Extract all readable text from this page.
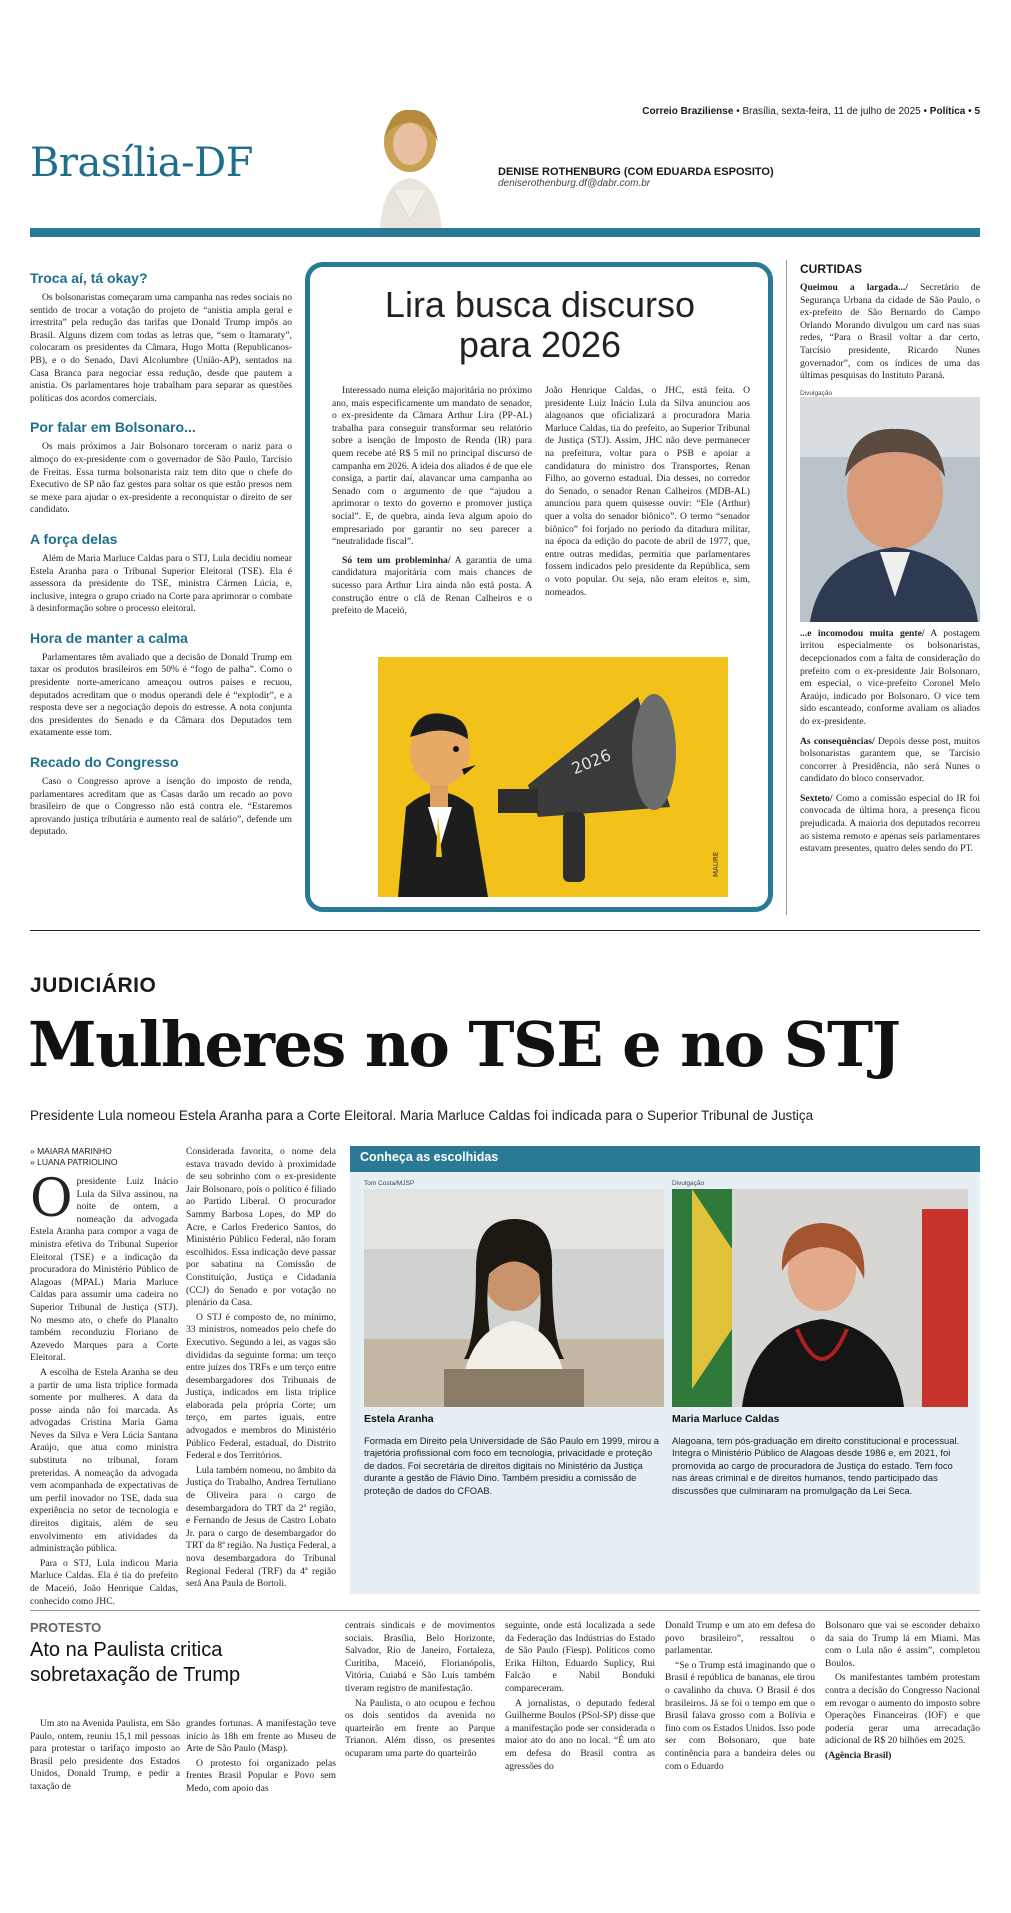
Brasília-DF
Correio Braziliense • Brasília, sexta-feira, 11 de julho de 2025 • Política • 5
DENISE ROTHENBURG (COM EDUARDA ESPOSITO)
deniserothenburg.df@dabr.com.br
Troca aí, tá okay?

Os bolsonaristas começaram uma campanha nas redes sociais no sentido de trocar a votação do projeto de “anistia ampla geral e irrestrita” pela redução das tarifas que Donald Trump impôs ao Brasil. Alguns dizem com todas as letras que, “sem o Itamaraty”, colocaram os presidentes da Câmara, Hugo Motta (Republicanos-PB), e o do Senado, Davi Alcolumbre (União-AP), sentados na Casa Branca para negociar essa redução, desde que pautem a anistia. Os parlamentares hoje trabalham para separar as questões políticas dos acordos comerciais.

Por falar em Bolsonaro...

Os mais próximos a Jair Bolsonaro torceram o nariz para o almoço do ex-presidente com o governador de São Paulo, Tarcísio de Freitas. Essa turma bolsonarista raiz tem dito que o chefe do Executivo de SP não faz gestos para soltar os que estão presos nem se mexe para ajudar o ex-presidente a reconquistar o direito de ser candidato.

A força delas

Além de Maria Marluce Caldas para o STJ, Lula decidiu nomear Estela Aranha para o Tribunal Superior Eleitoral (TSE). Ela é assessora da presidente do TSE, ministra Cármen Lúcia, e, inclusive, integra o grupo criado na Corte para aprimorar o combate à desinformação sobre o processo eleitoral.

Hora de manter a calma

Parlamentares têm avaliado que a decisão de Donald Trump em taxar os produtos brasileiros em 50% é “fogo de palha”. Como o presidente norte-americano ameaçou outros países e recuou, deputados acreditam que o modus operandi dele é “explodir”, e a resposta deve ser a negociação depois do estresse. A nota conjunta dos presidentes do Senado e da Câmara dos Deputados tem exatamente esse tom.

Recado do Congresso

Caso o Congresso aprove a isenção do imposto de renda, parlamentares acreditam que as Casas darão um recado ao povo brasileiro de que o Congresso não está contra ele. “Estaremos aprovando justiça tributária e aumento real de salário”, defende um deputado.

Lira busca discurso para 2026

Interessado numa eleição majoritária no próximo ano, mais especificamente um mandato de senador, o ex-presidente da Câmara Arthur Lira (PP-AL) trabalha para conseguir transformar seu relatório sobre a isenção de Imposto de Renda (IR) para quem recebe até R$ 5 mil no principal discurso de campanha em 2026. A ideia dos aliados é de que ele consiga, a partir daí, alavancar uma campanha ao Senado com o argumento de que “ajudou a aprimorar o texto do governo e promover justiça social”. E, de quebra, ainda leva algum apoio do empresariado por garantir no seu parecer a “neutralidade fiscal”.

Só tem um probleminha/ A garantia de uma candidatura majoritária com mais chances de sucesso para Arthur Lira ainda não está posta. A construção entre o clã de Renan Calheiros e o prefeito de Maceió,

João Henrique Caldas, o JHC, está feita. O presidente Luiz Inácio Lula da Silva anunciou aos alagoanos que oficializará a procuradora Maria Marluce Caldas, tia do prefeito, ao Superior Tribunal de Justiça (STJ). Assim, JHC não deve permanecer na prefeitura, voltar para o PSB e apoiar a candidatura do ministro dos Transportes, Renan Filho, ao governo estadual. Dia desses, no corredor do Senado, o senador Renan Calheiros (MDB-AL) anunciou para quem quisesse ouvir: “Ele (Arthur) quer a volta do senador biônico”. O termo “senador biônico” foi forjado no período da ditadura militar, na época da edição do pacote de abril de 1977, que, entre outras medidas, permitia que parlamentares fossem indicados pelo presidente da República, sem o voto popular. Ou seja, não eram eleitos e, sim, nomeados.

2026
MAURE
CURTIDAS

Queimou a largada.../ Secretário de Segurança Urbana da cidade de São Paulo, o ex-prefeito de São Bernardo do Campo Orlando Morando divulgou um card nas suas redes, “Para o Brasil voltar a dar certo, Tarcísio presidente, Ricardo Nunes governador”, com os índices de uma das últimas pesquisas do Instituto Paraná.

Divulgação

...e incomodou muita gente/ A postagem irritou especialmente os bolsonaristas, decepcionados com a falta de consideração do prefeito com o ex-presidente Jair Bolsonaro, em especial, o vice-prefeito Coronel Melo Araújo, indicado por Bolsonaro. O vice tem sido escanteado, conforme avaliam os aliados do ex-presidente.

As consequências/ Depois desse post, muitos bolsonaristas garantem que, se Tarcísio concorrer à Presidência, não será Nunes o candidato do bloco conservador.

Sexteto/ Como a comissão especial do IR foi convocada de última hora, a presença ficou prejudicada. A maioria dos deputados recorreu ao sistema remoto e apenas seis parlamentares estavam presentes, quatro deles sendo do PT.

JUDICIÁRIO
Mulheres no TSE e no STJ
Presidente Lula nomeou Estela Aranha para a Corte Eleitoral. Maria Marluce Caldas foi indicada para o Superior Tribunal de Justiça
» MAIARA MARINHO
» LUANA PATRIOLINO
O presidente Luiz Inácio Lula da Silva assinou, na noite de ontem, a nomeação da advogada Estela Aranha para compor a vaga de ministra efetiva do Tribunal Superior Eleitoral (TSE) e a indicação da procuradora do Ministério Público de Alagoas (MPAL) Maria Marluce Caldas para assumir uma cadeira no Superior Tribunal de Justiça (STJ). No mesmo ato, o chefe do Planalto também reconduziu Floriano de Azevedo Marques para a Corte Eleitoral.

A escolha de Estela Aranha se deu a partir de uma lista tríplice formada somente por mulheres. A data da posse ainda não foi marcada. As advogadas Cristina Maria Gama Neves da Silva e Vera Lúcia Santana Araújo, que atua como ministra substituta no tribunal, foram preteridas. A nomeação da advogada vem acompanhada de expectativas de um perfil inovador no TSE, dada sua experiência no setor de tecnologia e direitos digitais, além de seu envolvimento em atividades da administração pública.

Para o STJ, Lula indicou Maria Marluce Caldas. Ela é tia do prefeito de Maceió, João Henrique Caldas, conhecido como JHC.

Considerada favorita, o nome dela estava travado devido à proximidade de seu sobrinho com o ex-presidente Jair Bolsonaro, pois o político é filiado ao Partido Liberal. O procurador Sammy Barbosa Lopes, do MP do Acre, e Carlos Frederico Santos, do Ministério Público Federal, não foram escolhidos. Essa indicação deve passar por sabatina na Comissão de Constituição, Justiça e Cidadania (CCJ) do Senado e por votação no plenário da Casa.

O STJ é composto de, no mínimo, 33 ministros, nomeados pelo chefe do Executivo. Segundo a lei, as vagas são divididas da seguinte forma: um terço entre juízes dos TRFs e um terço entre desembargadores dos Tribunais de Justiça, indicados em lista tríplice elaborada pela própria Corte; um terço, em partes iguais, entre advogados e membros do Ministério Público Federal, estadual, do Distrito Federal e dos Territórios.

Lula também nomeou, no âmbito da Justiça do Trabalho, Andrea Tertuliano de Oliveira para o cargo de desembargadora do TRT da 2ª região, e Fernando de Jesus de Castro Lobato Jr. para o cargo de desembargador do TRT da 8ª região. Na Justiça Federal, a nova desembargadora do Tribunal Regional Federal (TRF) da 4ª região será Ana Paula de Bortoli.

Conheça as escolhidas
Tom Costa/MJSP
Estela Aranha
Formada em Direito pela Universidade de São Paulo em 1999, mirou a trajetória profissional com foco em tecnologia, privacidade e proteção de dados. Foi secretária de direitos digitais no Ministério da Justiça durante a gestão de Flávio Dino. Também presidiu a comissão de proteção de dados do CFOAB.
Divulgação
Maria Marluce Caldas
Alagoana, tem pós-graduação em direito constitucional e processual. Integra o Ministério Público de Alagoas desde 1986 e, em 2021, foi promovida ao cargo de procuradora de Justiça do estado. Tem foco nas áreas criminal e de direitos humanos, tendo participado das discussões que culminaram na promulgação da Lei Seca.
PROTESTO
Ato na Paulista critica
sobretaxação de Trump

Um ato na Avenida Paulista, em São Paulo, ontem, reuniu 15,1 mil pessoas para protestar o tarifaço imposto ao Brasil pelo presidente dos Estados Unidos, Donald Trump, e pedir a taxação de

grandes fortunas. A manifestação teve início às 18h em frente ao Museu de Arte de São Paulo (Masp).

O protesto foi organizado pelas frentes Brasil Popular e Povo sem Medo, com apoio das

centrais sindicais e de movimentos sociais. Brasília, Belo Horizonte, Salvador, Rio de Janeiro, Fortaleza, Curitiba, Maceió, Florianópolis, Vitória, Cuiabá e São Luís também tiveram registro de manifestação.

Na Paulista, o ato ocupou e fechou os dois sentidos da avenida no quarteirão em frente ao Parque Trianon. Além disso, os presentes ocuparam uma parte do quarteirão

seguinte, onde está localizada a sede da Federação das Indústrias do Estado de São Paulo (Fiesp). Políticos como Erika Hilton, Eduardo Suplicy, Rui Falcão e Nabil Bonduki compareceram.

A jornalistas, o deputado federal Guilherme Boulos (PSol-SP) disse que a manifestação pode ser considerada o maior ato do ano no local. “É um ato em defesa do Brasil contra as agressões do

Donald Trump e um ato em defesa do povo brasileiro”, ressaltou o parlamentar.

“Se o Trump está imaginando que o Brasil é república de bananas, ele tirou o cavalinho da chuva. O Brasil é dos brasileiros. Já se foi o tempo em que o Brasil falava grosso com a Bolívia e fino com os Estados Unidos. Isso pode ser com Bolsonaro, que bate continência para a bandeira deles ou com o Eduardo

Bolsonaro que vai se esconder debaixo da saia do Trump lá em Miami. Mas com o Lula não é assim”, completou Boulos.

Os manifestantes também protestam contra a decisão do Congresso Nacional em revogar o aumento do imposto sobre Operações Financeiras (IOF) e que poderia gerar uma arrecadação adicional de R$ 20 bilhões em 2025.

(Agência Brasil)
